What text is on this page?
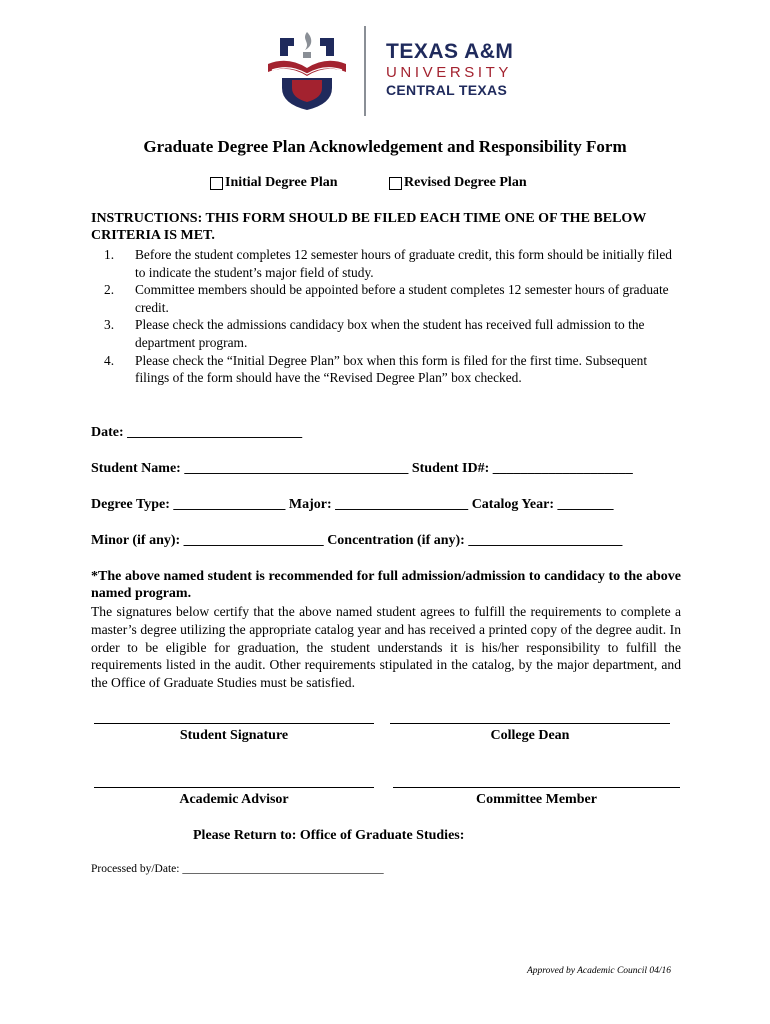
TEXAS A&M
UNIVERSITY
CENTRAL TEXAS
Graduate Degree Plan Acknowledgement and Responsibility Form
Initial Degree Plan	Revised Degree Plan
INSTRUCTIONS: THIS FORM SHOULD BE FILED EACH TIME ONE OF THE BELOW CRITERIA IS MET.
1.	Before the student completes 12 semester hours of graduate credit, this form should be initially filed to indicate the student’s major field of study.
2.	Committee members should be appointed before a student completes 12 semester hours of graduate credit.
3.	Please check the admissions candidacy box when the student has received full admission to the department program.
4.	Please check the “Initial Degree Plan” box when this form is filed for the first time. Subsequent filings of the form should have the “Revised Degree Plan” box checked.
Date: _________________________
Student Name: ________________________________ Student ID#: ____________________
Degree Type: ________________ Major: ___________________ Catalog Year: ________
Minor (if any): ____________________ Concentration (if any): ______________________
*The above named student is recommended for full admission/admission to candidacy to the above named program.
The signatures below certify that the above named student agrees to fulfill the requirements to complete a master’s degree utilizing the appropriate catalog year and has received a printed copy of the degree audit. In order to be eligible for graduation, the student understands it is his/her responsibility to fulfill the requirements listed in the audit. Other requirements stipulated in the catalog, by the major department, and the Office of Graduate Studies must be satisfied.
Student Signature	College Dean
Academic Advisor	Committee Member
Please Return to: Office of Graduate Studies:
Processed by/Date: ___________________________________
Approved by Academic Council 04/16
